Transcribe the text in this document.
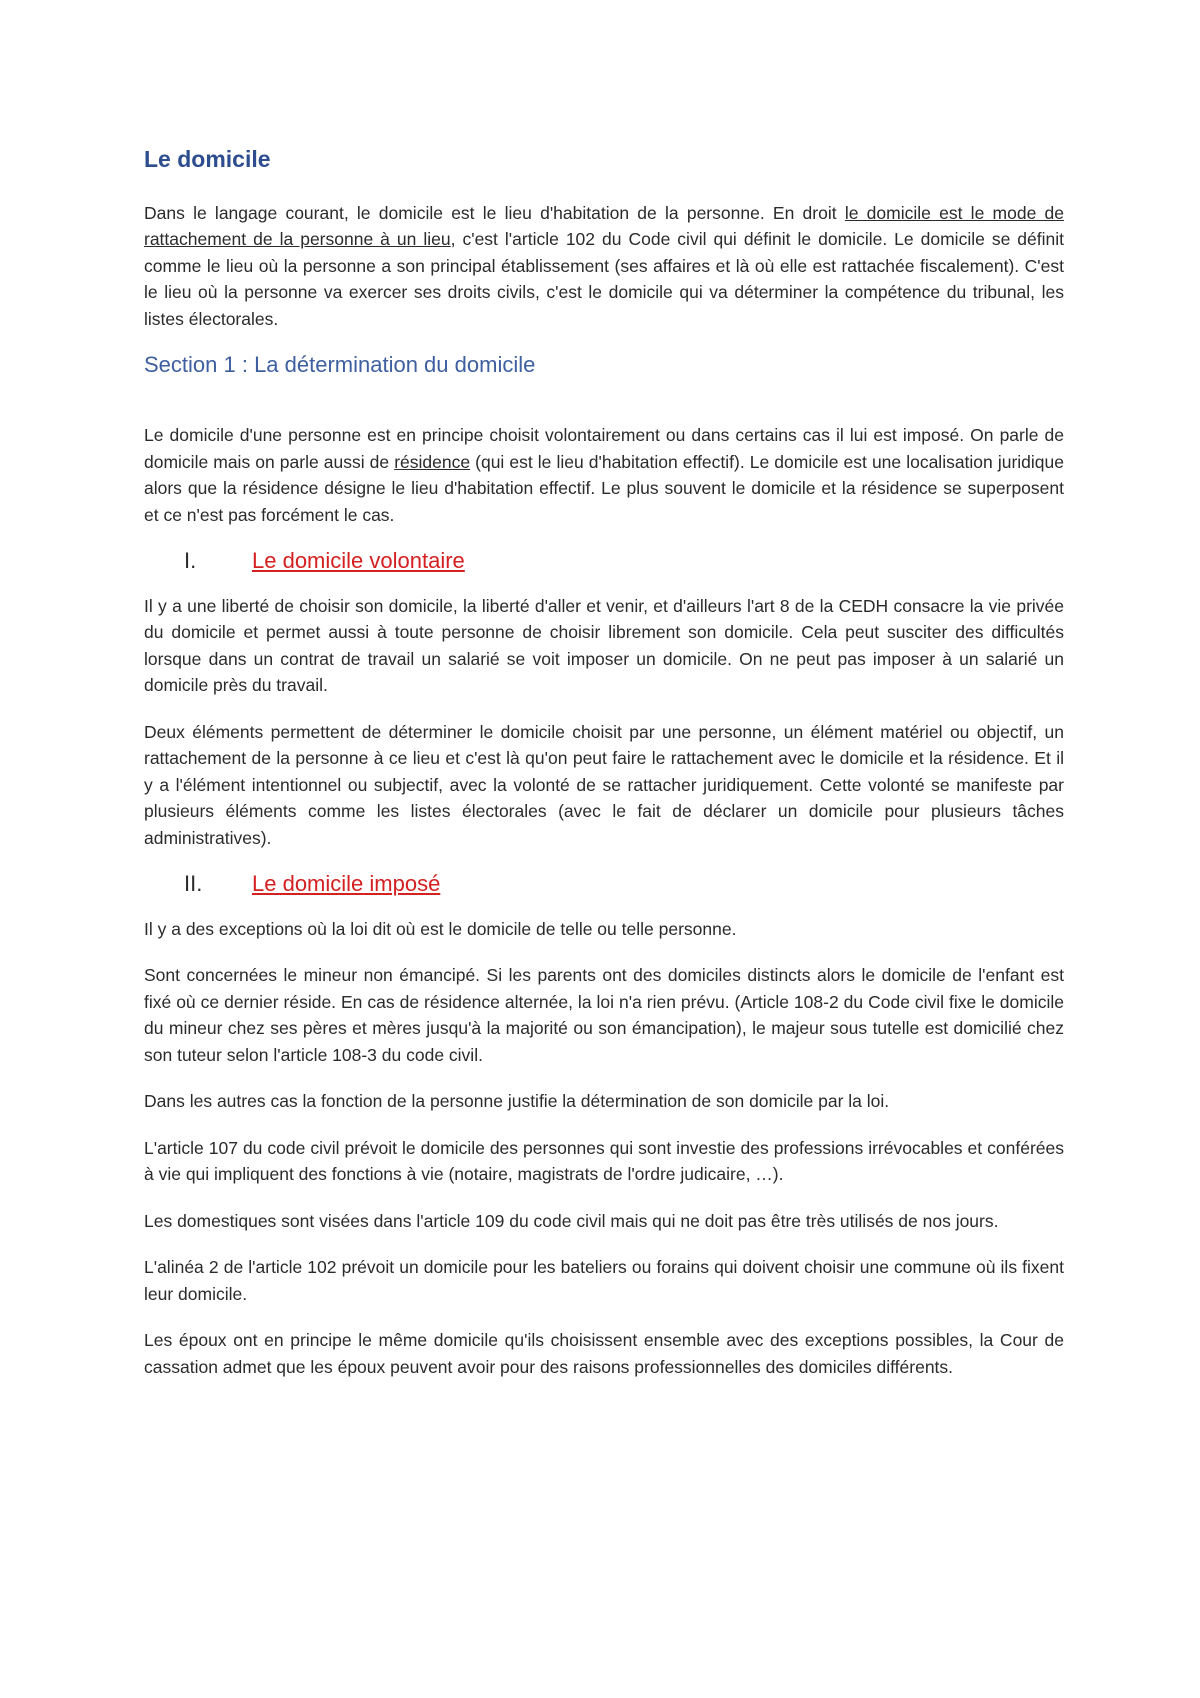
Le domicile

Dans le langage courant, le domicile est le lieu d'habitation de la personne. En droit le domicile est le mode de rattachement de la personne à un lieu, c'est l'article 102 du Code civil qui définit le domicile. Le domicile se définit comme le lieu où la personne a son principal établissement (ses affaires et là où elle est rattachée fiscalement). C'est le lieu où la personne va exercer ses droits civils, c'est le domicile qui va déterminer la compétence du tribunal, les listes électorales.

Section 1 : La détermination du domicile

Le domicile d'une personne est en principe choisit volontairement ou dans certains cas il lui est imposé. On parle de domicile mais on parle aussi de résidence (qui est le lieu d'habitation effectif). Le domicile est une localisation juridique alors que la résidence désigne le lieu d'habitation effectif. Le plus souvent le domicile et la résidence se superposent et ce n'est pas forcément le cas.

I.	Le domicile volontaire

Il y a une liberté de choisir son domicile, la liberté d'aller et venir, et d'ailleurs l'art 8 de la CEDH consacre la vie privée du domicile et permet aussi à toute personne de choisir librement son domicile. Cela peut susciter des difficultés lorsque dans un contrat de travail un salarié se voit imposer un domicile. On ne peut pas imposer à un salarié un domicile près du travail.

Deux éléments permettent de déterminer le domicile choisit par une personne, un élément matériel ou objectif, un rattachement de la personne à ce lieu et c'est là qu'on peut faire le rattachement avec le domicile et la résidence. Et il y a l'élément intentionnel ou subjectif, avec la volonté de se rattacher juridiquement. Cette volonté se manifeste par plusieurs éléments comme les listes électorales (avec le fait de déclarer un domicile pour plusieurs tâches administratives).

II. Le domicile imposé

Il y a des exceptions où la loi dit où est le domicile de telle ou telle personne.

Sont concernées le mineur non émancipé. Si les parents ont des domiciles distincts alors le domicile de l'enfant est fixé où ce dernier réside. En cas de résidence alternée, la loi n'a rien prévu. (Article 108-2 du Code civil fixe le domicile du mineur chez ses pères et mères jusqu'à la majorité ou son émancipation), le majeur sous tutelle est domicilié chez son tuteur selon l'article 108-3 du code civil.

Dans les autres cas la fonction de la personne justifie la détermination de son domicile par la loi.

L'article 107 du code civil prévoit le domicile des personnes qui sont investie des professions irrévocables et conférées à vie qui impliquent des fonctions à vie (notaire, magistrats de l'ordre judicaire, …).

Les domestiques sont visées dans l'article 109 du code civil mais qui ne doit pas être très utilisés de nos jours.

L'alinéa 2 de l'article 102 prévoit un domicile pour les bateliers ou forains qui doivent choisir une commune où ils fixent leur domicile.

Les époux ont en principe le même domicile qu'ils choisissent ensemble avec des exceptions possibles, la Cour de cassation admet que les époux peuvent avoir pour des raisons professionnelles des domiciles différents.
